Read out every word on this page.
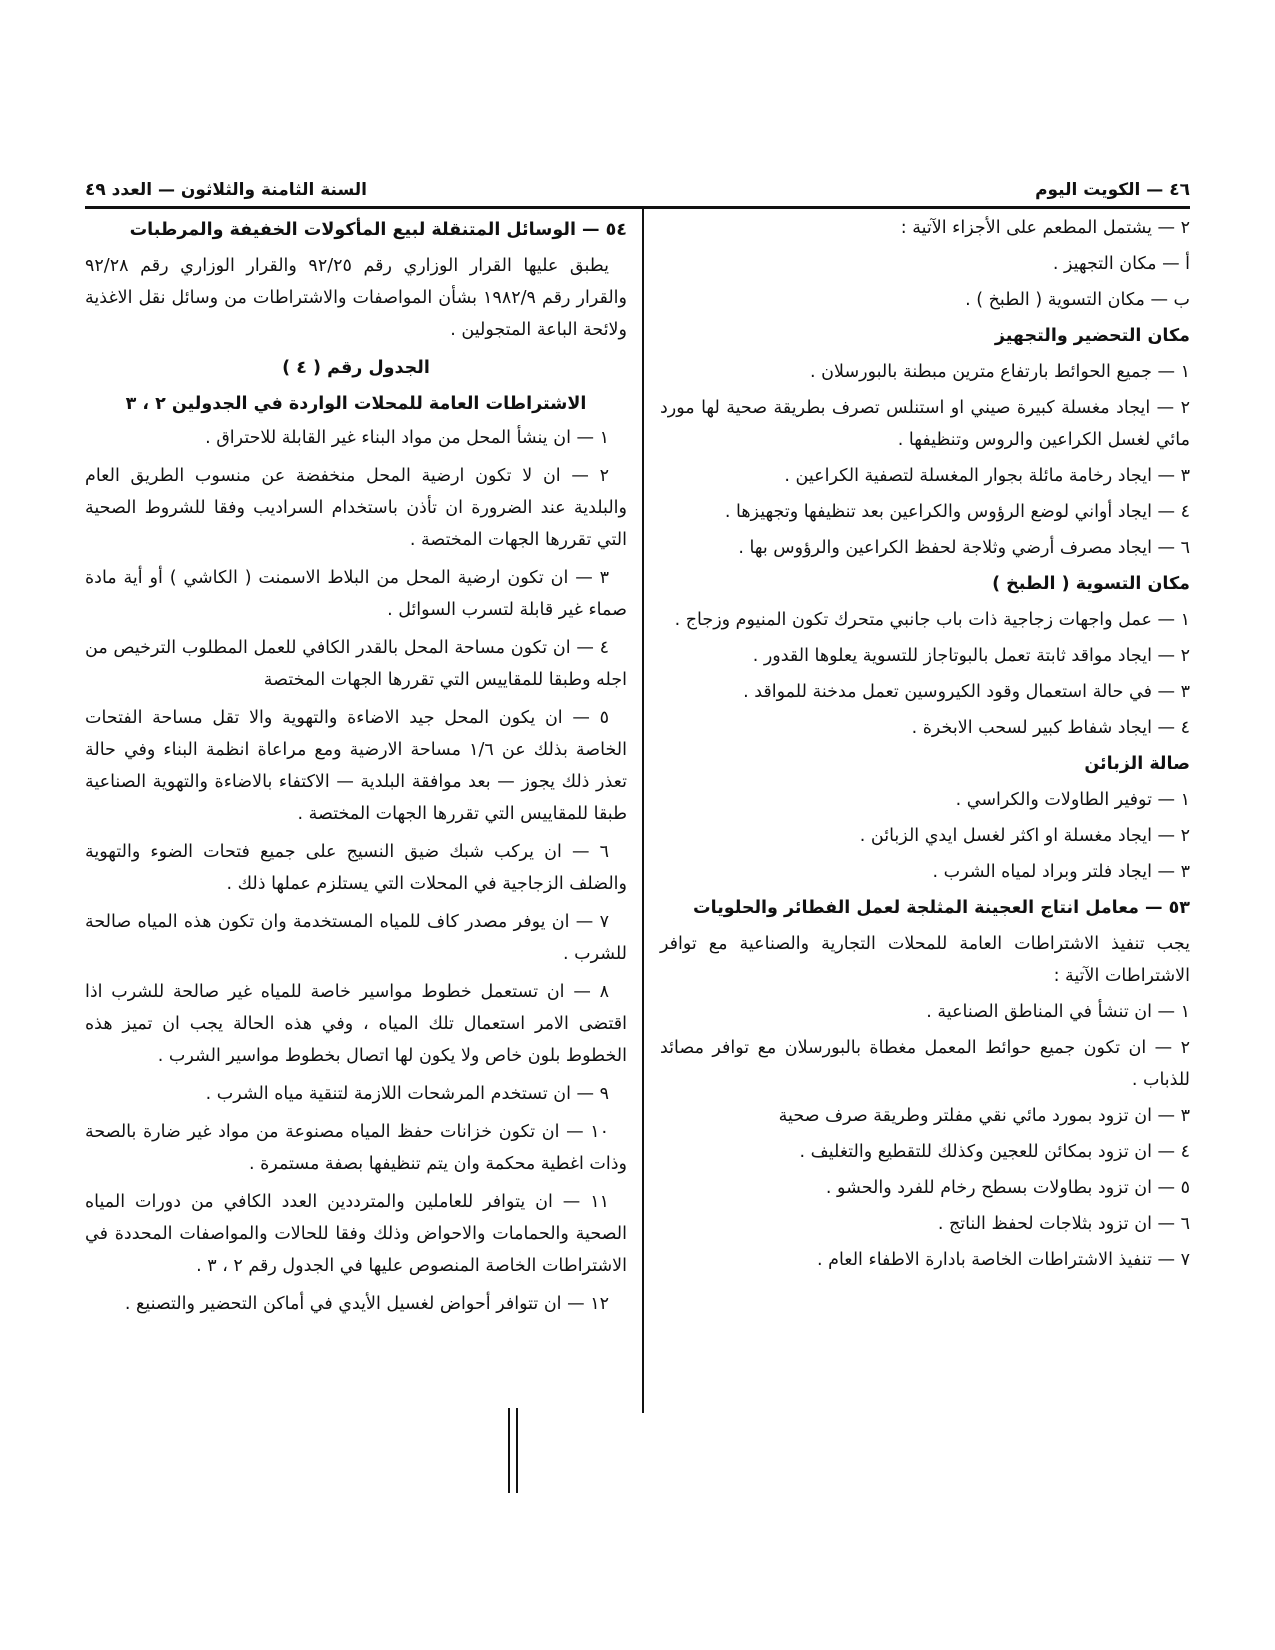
٤٦ — الكويت اليوم
السنة الثامنة والثلاثون — العدد ٤٩

٢ — يشتمل المطعم على الأجزاء الآتية :

أ — مكان التجهيز .

ب — مكان التسوية ( الطبخ ) .

مكان التحضير والتجهيز

١ — جميع الحوائط بارتفاع مترين مبطنة بالبورسلان .

٢ — ايجاد مغسلة كبيرة صيني او استنلس تصرف بطريقة صحية لها مورد مائي لغسل الكراعين والروس وتنظيفها .

٣ — ايجاد رخامة مائلة بجوار المغسلة لتصفية الكراعين .

٤ — ايجاد أواني لوضع الرؤوس والكراعين بعد تنظيفها وتجهيزها .

٦ — ايجاد مصرف أرضي وثلاجة لحفظ الكراعين والرؤوس بها .

مكان التسوية ( الطبخ )

١ — عمل واجهات زجاجية ذات باب جانبي متحرك تكون المنيوم وزجاج .

٢ — ايجاد مواقد ثابتة تعمل بالبوتاجاز للتسوية يعلوها القدور .

٣ — في حالة استعمال وقود الكيروسين تعمل مدخنة للمواقد .

٤ — ايجاد شفاط كبير لسحب الابخرة .

صالة الزبائن

١ — توفير الطاولات والكراسي .

٢ — ايجاد مغسلة او اكثر لغسل ايدي الزبائن .

٣ — ايجاد فلتر وبراد لمياه الشرب .

٥٣ — معامل انتاج العجينة المثلجة لعمل الفطائر والحلويات

يجب تنفيذ الاشتراطات العامة للمحلات التجارية والصناعية مع توافر الاشتراطات الآتية :

١ — ان تنشأ في المناطق الصناعية .

٢ — ان تكون جميع حوائط المعمل مغطاة بالبورسلان مع توافر مصائد للذباب .

٣ — ان تزود بمورد مائي نقي مفلتر وطريقة صرف صحية

٤ — ان تزود بمكائن للعجين وكذلك للتقطيع والتغليف .

٥ — ان تزود بطاولات بسطح رخام للفرد والحشو .

٦ — ان تزود بثلاجات لحفظ الناتج .

٧ — تنفيذ الاشتراطات الخاصة بادارة الاطفاء العام .

٥٤ — الوسائل المتنقلة لبيع المأكولات الخفيفة والمرطبات

يطبق عليها القرار الوزاري رقم ٩٢/٢٥ والقرار الوزاري رقم ٩٢/٢٨ والقرار رقم ١٩٨٢/٩ بشأن المواصفات والاشتراطات من وسائل نقل الاغذية ولائحة الباعة المتجولين .

الجدول رقم ( ٤ )

الاشتراطات العامة للمحلات الواردة في الجدولين ٢ ، ٣

١ — ان ينشأ المحل من مواد البناء غير القابلة للاحتراق .

٢ — ان لا تكون ارضية المحل منخفضة عن منسوب الطريق العام والبلدية عند الضرورة ان تأذن باستخدام السراديب وفقا للشروط الصحية التي تقررها الجهات المختصة .

٣ — ان تكون ارضية المحل من البلاط الاسمنت ( الكاشي ) أو أية مادة صماء غير قابلة لتسرب السوائل .

٤ — ان تكون مساحة المحل بالقدر الكافي للعمل المطلوب الترخيص من اجله وطبقا للمقاييس التي تقررها الجهات المختصة

٥ — ان يكون المحل جيد الاضاءة والتهوية والا تقل مساحة الفتحات الخاصة بذلك عن ١/٦ مساحة الارضية ومع مراعاة انظمة البناء وفي حالة تعذر ذلك يجوز — بعد موافقة البلدية — الاكتفاء بالاضاءة والتهوية الصناعية طبقا للمقاييس التي تقررها الجهات المختصة .

٦ — ان يركب شبك ضيق النسيج على جميع فتحات الضوء والتهوية والضلف الزجاجية في المحلات التي يستلزم عملها ذلك .

٧ — ان يوفر مصدر كاف للمياه المستخدمة وان تكون هذه المياه صالحة للشرب .

٨ — ان تستعمل خطوط مواسير خاصة للمياه غير صالحة للشرب اذا اقتضى الامر استعمال تلك المياه ، وفي هذه الحالة يجب ان تميز هذه الخطوط بلون خاص ولا يكون لها اتصال بخطوط مواسير الشرب .

٩ — ان تستخدم المرشحات اللازمة لتنقية مياه الشرب .

١٠ — ان تكون خزانات حفظ المياه مصنوعة من مواد غير ضارة بالصحة وذات اغطية محكمة وان يتم تنظيفها بصفة مستمرة .

١١ — ان يتوافر للعاملين والمترددين العدد الكافي من دورات المياه الصحية والحمامات والاحواض وذلك وفقا للحالات والمواصفات المحددة في الاشتراطات الخاصة المنصوص عليها في الجدول رقم ٢ ، ٣ .

١٢ — ان تتوافر أحواض لغسيل الأيدي في أماكن التحضير والتصنيع .
